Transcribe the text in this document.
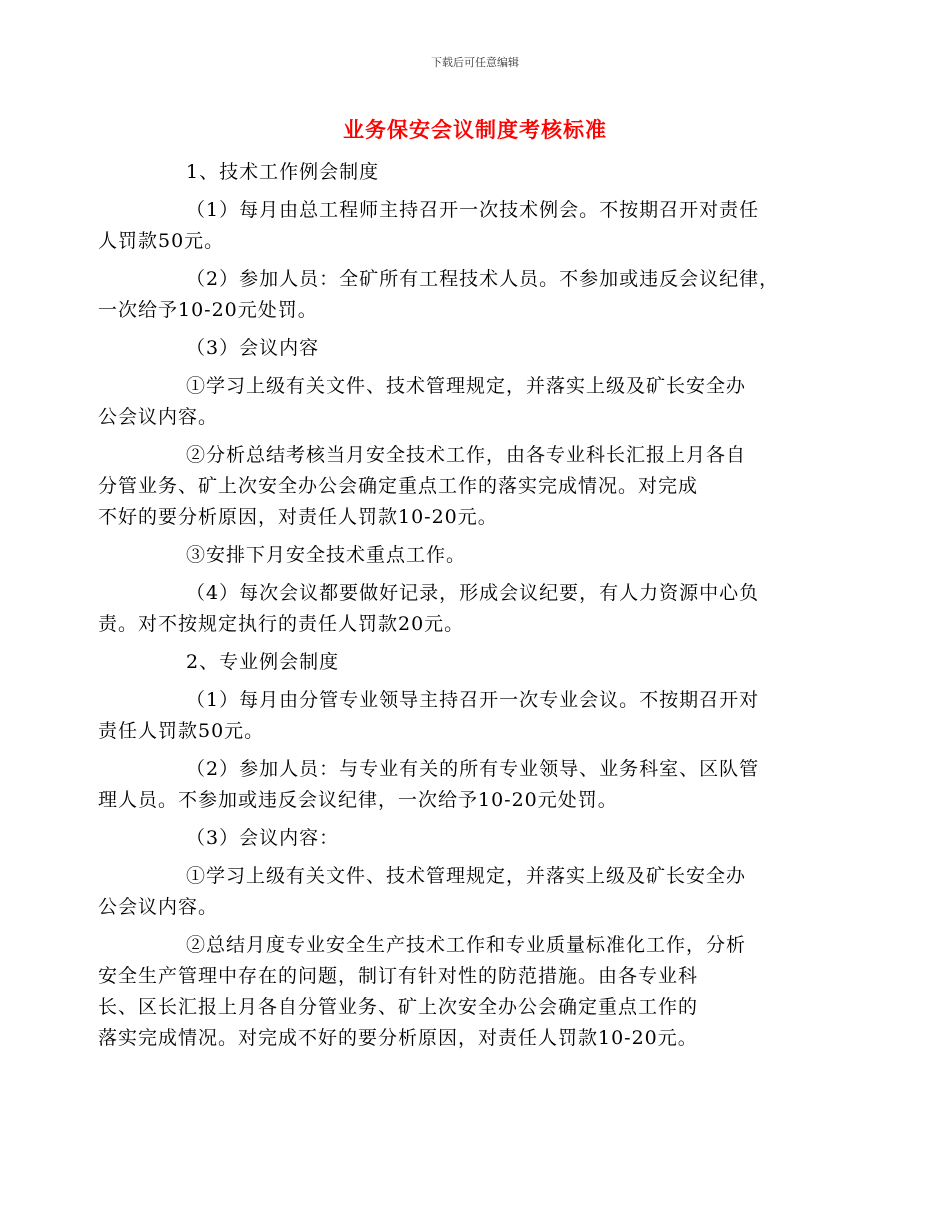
下载后可任意编辑
业务保安会议制度考核标准
1、技术工作例会制度
（1）每月由总工程师主持召开一次技术例会。不按期召开对责任
人罚款50元。
（2）参加人员：全矿所有工程技术人员。不参加或违反会议纪律，
一次给予10-20元处罚。
（3）会议内容
①学习上级有关文件、技术管理规定，并落实上级及矿长安全办
公会议内容。
②分析总结考核当月安全技术工作，由各专业科长汇报上月各自
分管业务、矿上次安全办公会确定重点工作的落实完成情况。对完成
不好的要分析原因，对责任人罚款10-20元。
③安排下月安全技术重点工作。
（4）每次会议都要做好记录，形成会议纪要，有人力资源中心负
责。对不按规定执行的责任人罚款20元。
2、专业例会制度
（1）每月由分管专业领导主持召开一次专业会议。不按期召开对
责任人罚款50元。
（2）参加人员：与专业有关的所有专业领导、业务科室、区队管
理人员。不参加或违反会议纪律，一次给予10-20元处罚。
（3）会议内容：
①学习上级有关文件、技术管理规定，并落实上级及矿长安全办
公会议内容。
②总结月度专业安全生产技术工作和专业质量标准化工作，分析
安全生产管理中存在的问题，制订有针对性的防范措施。由各专业科
长、区长汇报上月各自分管业务、矿上次安全办公会确定重点工作的
落实完成情况。对完成不好的要分析原因，对责任人罚款10-20元。
